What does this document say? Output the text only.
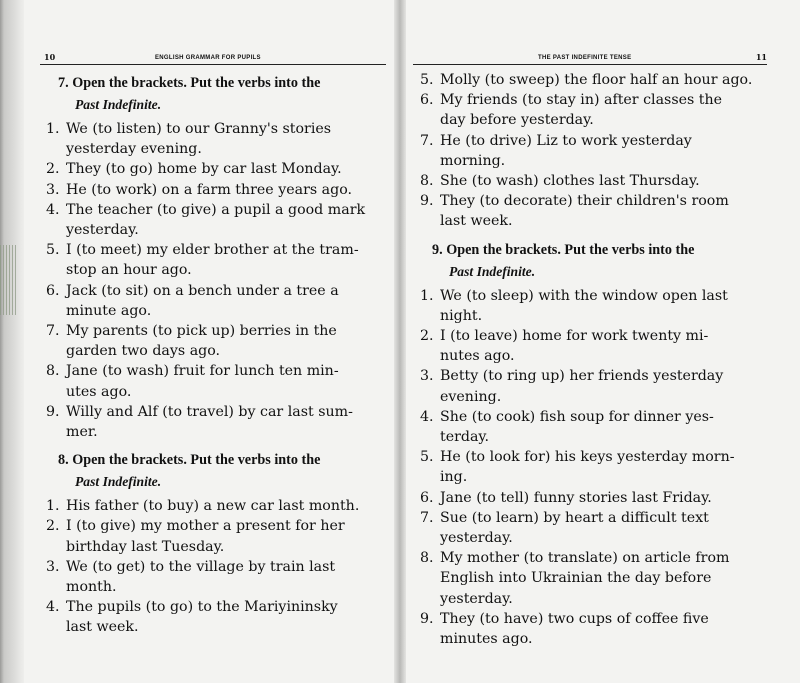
10	ENGLISH GRAMMAR FOR PUPILS
7. Open the brackets. Put the verbs into the
Past Indefinite.
1. We (to listen) to our Granny's stories
yesterday evening.
2. They (to go) home by car last Monday.
3. He (to work) on a farm three years ago.
4. The teacher (to give) a pupil a good mark
yesterday.
5. I (to meet) my elder brother at the tram-
stop an hour ago.
6. Jack (to sit) on a bench under a tree a
minute ago.
7. My parents (to pick up) berries in the
garden two days ago.
8. Jane (to wash) fruit for lunch ten min-
utes ago.
9. Willy and Alf (to travel) by car last sum-
mer.
8. Open the brackets. Put the verbs into the
Past Indefinite.
1. His father (to buy) a new car last month.
2. I (to give) my mother a present for her
birthday last Tuesday.
3. We (to get) to the village by train last
month.
4. The pupils (to go) to the Mariyininsky
last week.
THE PAST INDEFINITE TENSE	11
5. Molly (to sweep) the floor half an hour ago.
6. My friends (to stay in) after classes the
day before yesterday.
7. He (to drive) Liz to work yesterday
morning.
8. She (to wash) clothes last Thursday.
9. They (to decorate) their children's room
last week.
9. Open the brackets. Put the verbs into the
Past Indefinite.
1. We (to sleep) with the window open last
night.
2. I (to leave) home for work twenty mi-
nutes ago.
3. Betty (to ring up) her friends yesterday
evening.
4. She (to cook) fish soup for dinner yes-
terday.
5. He (to look for) his keys yesterday morn-
ing.
6. Jane (to tell) funny stories last Friday.
7. Sue (to learn) by heart a difficult text
yesterday.
8. My mother (to translate) on article from
English into Ukrainian the day before
yesterday.
9. They (to have) two cups of coffee five
minutes ago.
